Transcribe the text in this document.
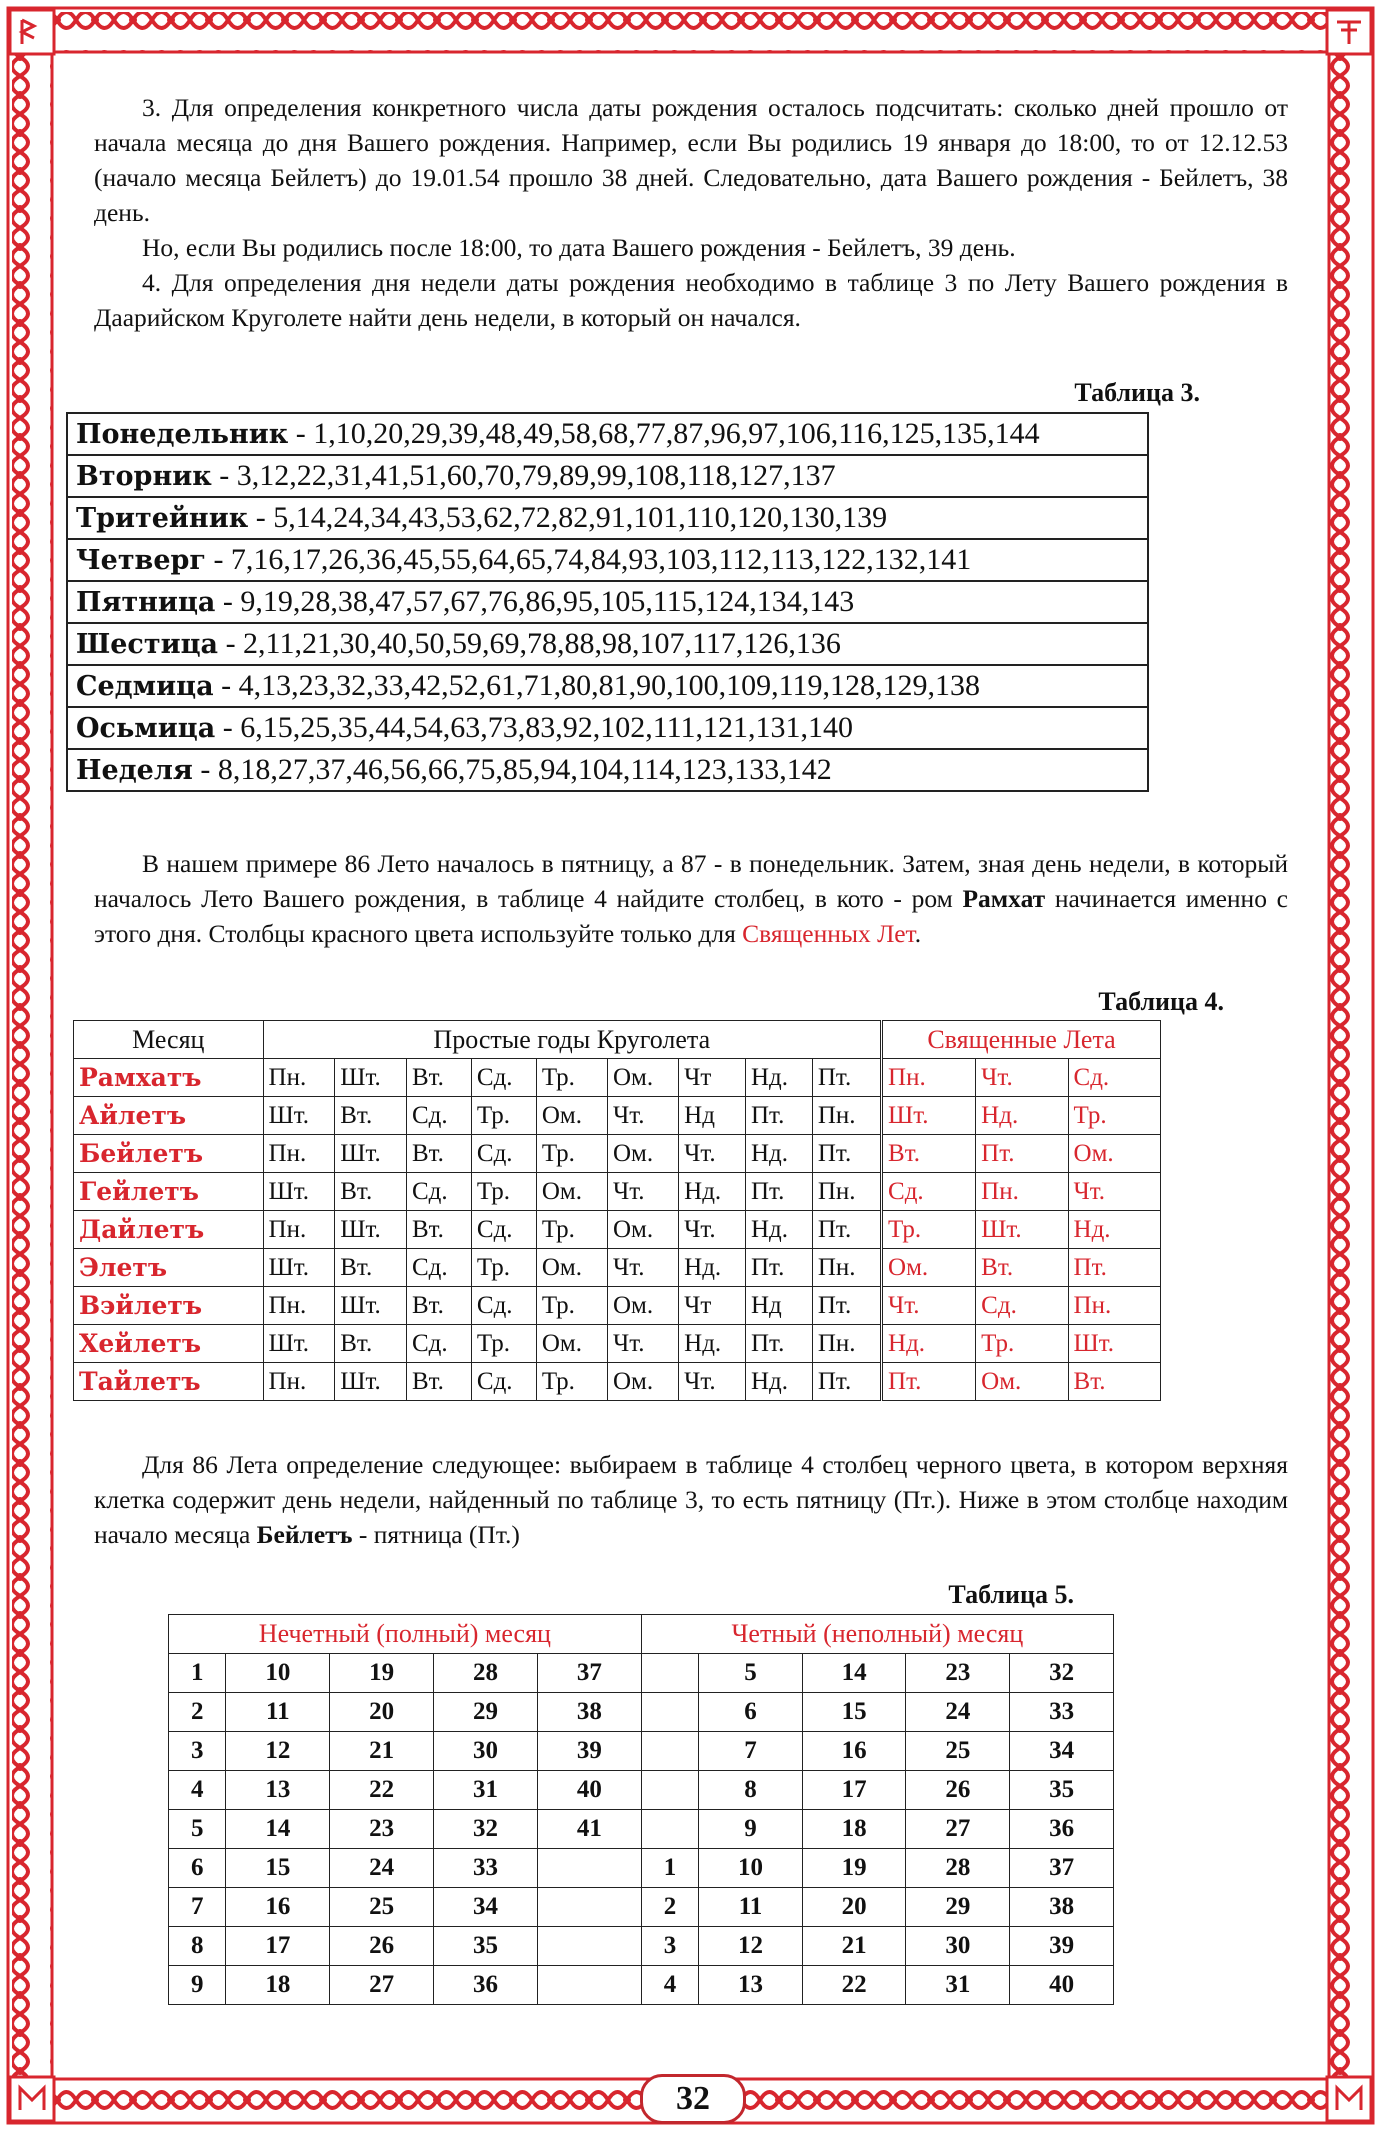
3. Для определения конкретного числа даты рождения осталось подсчитать: сколько дней прошло от начала месяца до дня Вашего рождения. Например, если Вы родились 19 января до 18:00, то от 12.12.53 (начало месяца Бейлетъ) до 19.01.54 прошло 38 дней. Следовательно, дата Вашего рождения - Бейлетъ, 38 день.

Но, если Вы родились после 18:00, то дата Вашего рождения - Бейлетъ, 39 день.

4. Для определения дня недели даты рождения необходимо в таблице 3 по Лету Вашего рождения в Даарийском Круголете найти день недели, в который он начался.

Таблица 3.

Понедельник - 1,10,20,29,39,48,49,58,68,77,87,96,97,106,116,125,135,144
Вторник - 3,12,22,31,41,51,60,70,79,89,99,108,118,127,137
Тритейник - 5,14,24,34,43,53,62,72,82,91,101,110,120,130,139
Четверг - 7,16,17,26,36,45,55,64,65,74,84,93,103,112,113,122,132,141
Пятница - 9,19,28,38,47,57,67,76,86,95,105,115,124,134,143
Шестица - 2,11,21,30,40,50,59,69,78,88,98,107,117,126,136
Седмица - 4,13,23,32,33,42,52,61,71,80,81,90,100,109,119,128,129,138
Осьмица - 6,15,25,35,44,54,63,73,83,92,102,111,121,131,140
Неделя - 8,18,27,37,46,56,66,75,85,94,104,114,123,133,142

В нашем примере 86 Лето началось в пятницу, а 87 - в понедельник. Затем, зная день недели, в который началось Лето Вашего рождения, в таблице 4 найдите столбец, в кото - ром Рамхат начинается именно с этого дня. Столбцы красного цвета используйте только для Священных Лет.

Таблица 4.

Месяц	Простые годы Круголета									Священные Лета		
Рамхатъ	Пн.	Шт.	Вт.	Сд.	Тр.	Ом.	Чт	Нд.	Пт.	Пн.	Чт.	Сд.
Айлетъ	Шт.	Вт.	Сд.	Тр.	Ом.	Чт.	Нд	Пт.	Пн.	Шт.	Нд.	Тр.
Бейлетъ	Пн.	Шт.	Вт.	Сд.	Тр.	Ом.	Чт.	Нд.	Пт.	Вт.	Пт.	Ом.
Гейлетъ	Шт.	Вт.	Сд.	Тр.	Ом.	Чт.	Нд.	Пт.	Пн.	Сд.	Пн.	Чт.
Дайлетъ	Пн.	Шт.	Вт.	Сд.	Тр.	Ом.	Чт.	Нд.	Пт.	Тр.	Шт.	Нд.
Элетъ	Шт.	Вт.	Сд.	Тр.	Ом.	Чт.	Нд.	Пт.	Пн.	Ом.	Вт.	Пт.
Вэйлетъ	Пн.	Шт.	Вт.	Сд.	Тр.	Ом.	Чт	Нд	Пт.	Чт.	Сд.	Пн.
Хейлетъ	Шт.	Вт.	Сд.	Тр.	Ом.	Чт.	Нд.	Пт.	Пн.	Нд.	Тр.	Шт.
Тайлетъ	Пн.	Шт.	Вт.	Сд.	Тр.	Ом.	Чт.	Нд.	Пт.	Пт.	Ом.	Вт.

Для 86 Лета определение следующее: выбираем в таблице 4 столбец черного цвета, в котором верхняя клетка содержит день недели, найденный по таблице 3, то есть пятницу (Пт.). Ниже в этом столбце находим начало месяца Бейлетъ - пятница (Пт.)

Таблица 5.

Нечетный (полный) месяц					Четный (неполный) месяц				
1	10	19	28	37		5	14	23	32
2	11	20	29	38		6	15	24	33
3	12	21	30	39		7	16	25	34
4	13	22	31	40		8	17	26	35
5	14	23	32	41		9	18	27	36
6	15	24	33		1	10	19	28	37
7	16	25	34		2	11	20	29	38
8	17	26	35		3	12	21	30	39
9	18	27	36		4	13	22	31	40
32
